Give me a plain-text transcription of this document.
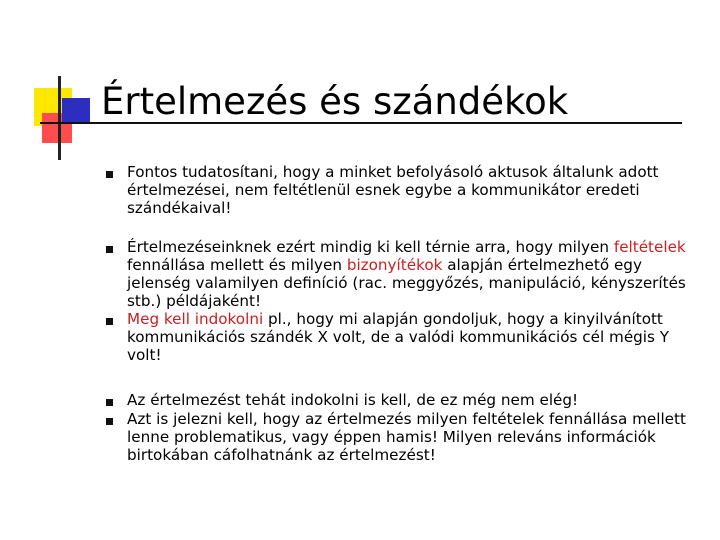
Értelmezés és szándékok

Fontos tudatosítani, hogy a minket befolyásoló aktusok általunk adott értelmezései, nem feltétlenül esnek egybe a kommunikátor eredeti szándékaival!

Értelmezéseinknek ezért mindig ki kell térnie arra, hogy milyen feltételek fennállása mellett és milyen bizonyítékok alapján értelmezhető egy jelenség valamilyen definíció (rac. meggyőzés, manipuláció, kényszerítés stb.) példájaként!

Meg kell indokolni pl., hogy mi alapján gondoljuk, hogy a kinyilvánított kommunikációs szándék X volt, de a valódi kommunikációs cél mégis Y volt!

Az értelmezést tehát indokolni is kell, de ez még nem elég!

Azt is jelezni kell, hogy az értelmezés milyen feltételek fennállása mellett lenne problematikus, vagy éppen hamis! Milyen releváns információk birtokában cáfolhatnánk az értelmezést!
